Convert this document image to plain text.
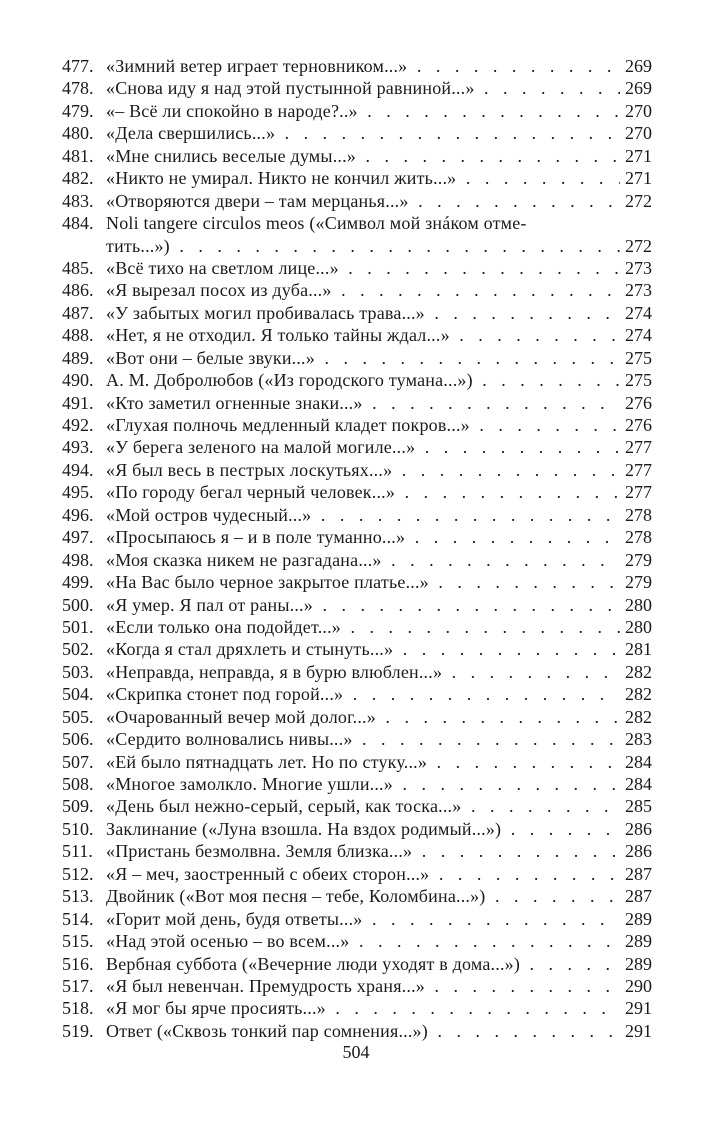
477. «Зимний ветер играет терновником...» . . .	269
478. «Снова иду я над этой пустынной равниной...» . . .	269
479. «– Всё ли спокойно в народе?..» . . .	270
480. «Дела свершились...» . . .	270
481. «Мне снились веселые думы...» . . .	271
482. «Никто не умирал. Никто не кончил жить...» . . .	271
483. «Отворяются двери – там мерцанья...» . . .	272
484. Noli tangere circulos meos («Символ мой знáком отме-
тить...») . . .	272
485. «Всё тихо на светлом лице...» . . .	273
486. «Я вырезал посох из дуба...» . . .	273
487. «У забытых могил пробивалась трава...» . . .	274
488. «Нет, я не отходил. Я только тайны ждал...» . . .	274
489. «Вот они – белые звуки...» . . .	275
490. А. М. Добролюбов («Из городского тумана...») . . .	275
491. «Кто заметил огненные знаки...» . . .	276
492. «Глухая полночь медленный кладет покров...» . . .	276
493. «У берега зеленого на малой могиле...» . . .	277
494. «Я был весь в пестрых лоскутьях...» . . .	277
495. «По городу бегал черный человек...» . . .	277
496. «Мой остров чудесный...» . . .	278
497. «Просыпаюсь я – и в поле туманно...» . . .	278
498. «Моя сказка никем не разгадана...» . . .	279
499. «На Вас было черное закрытое платье...» . . .	279
500. «Я умер. Я пал от раны...» . . .	280
501. «Если только она подойдет...» . . .	280
502. «Когда я стал дряхлеть и стынуть...» . . .	281
503. «Неправда, неправда, я в бурю влюблен...» . . .	282
504. «Скрипка стонет под горой...» . . .	282
505. «Очарованный вечер мой долог...» . . .	282
506. «Сердито волновались нивы...» . . .	283
507. «Ей было пятнадцать лет. Но по стуку...» . . .	284
508. «Многое замолкло. Многие ушли...» . . .	284
509. «День был нежно-серый, серый, как тоска...» . . .	285
510. Заклинание («Луна взошла. На вздох родимый...») . . .	286
511. «Пристань безмолвна. Земля близка...» . . .	286
512. «Я – меч, заостренный с обеих сторон...» . . .	287
513. Двойник («Вот моя песня – тебе, Коломбина...») . . .	287
514. «Горит мой день, будя ответы...» . . .	289
515. «Над этой осенью – во всем...» . . .	289
516. Вербная суббота («Вечерние люди уходят в дома...») . . .	289
517. «Я был невенчан. Премудрость храня...» . . .	290
518. «Я мог бы ярче просиять...» . . .	291
519. Ответ («Сквозь тонкий пар сомнения...») . . .	291
504
